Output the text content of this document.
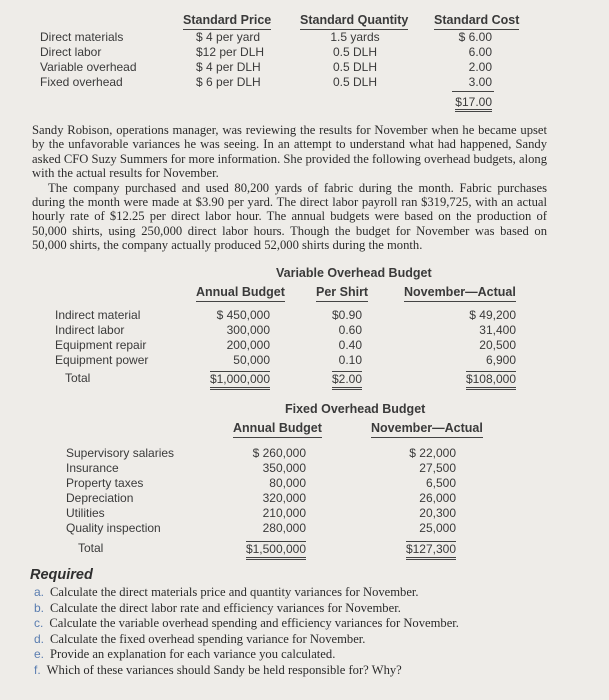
Standard Price Standard Quantity Standard Cost

Direct materials

Direct labor

Variable overhead

Fixed overhead

$ 4 per yard

$12 per DLH

$ 4 per DLH

$ 6 per DLH

1.5 yards

0.5 DLH

0.5 DLH

0.5 DLH

$ 6.00

6.00

2.00

3.00

$17.00

Sandy Robison, operations manager, was reviewing the results for November when he became upset by the unfavorable variances he was seeing. In an attempt to understand what had happened, Sandy asked CFO Suzy Summers for more information. She provided the following overhead budgets, along with the actual results for November.

The company purchased and used 80,200 yards of fabric during the month. Fabric purchases during the month were made at $3.90 per yard. The direct labor payroll ran $319,725, with an actual hourly rate of $12.25 per direct labor hour. The annual budgets were based on the production of 50,000 shirts, using 250,000 direct labor hours. Though the budget for November was based on 50,000 shirts, the company actually produced 52,000 shirts during the month.

Variable Overhead Budget
Annual Budget Per Shirt	November—Actual

Indirect material

Indirect labor

Equipment repair

Equipment power

Total

$ 450,000

300,000

200,000

50,000

$1,000,000

$0.90

0.60

0.40

0.10

$2.00

$ 49,200

31,400

20,500

6,900

$108,000

Fixed Overhead Budget
Annual Budget	November—Actual

Supervisory salaries

Insurance

Property taxes

Depreciation

Utilities

Quality inspection

Total

$ 260,000

350,000

80,000

320,000

210,000

280,000

$1,500,000

$ 22,000

27,500

6,500

26,000

20,300

25,000

$127,300

Required
a. Calculate the direct materials price and quantity variances for November.
b. Calculate the direct labor rate and efficiency variances for November.
c. Calculate the variable overhead spending and efficiency variances for November.
d. Calculate the fixed overhead spending variance for November.
e. Provide an explanation for each variance you calculated.
f. Which of these variances should Sandy be held responsible for? Why?
